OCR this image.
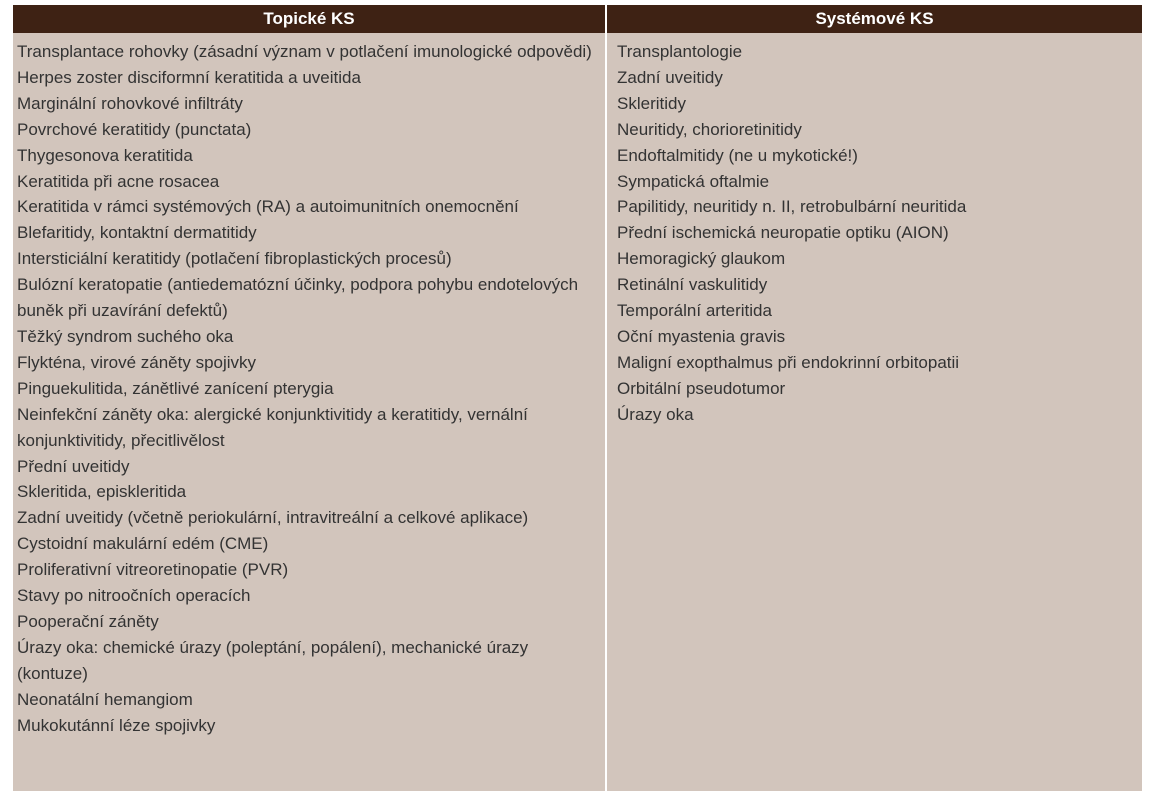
Topické KS	Systémové KS
Transplantace rohovky (zásadní význam v potlačení imunologické odpovědi)
Herpes zoster disciformní keratitida a uveitida
Marginální rohovkové infiltráty
Povrchové keratitidy (punctata)
Thygesonova keratitida
Keratitida při acne rosacea
Keratitida v rámci systémových (RA) a autoimunitních onemocnění
Blefaritidy, kontaktní dermatitidy
Intersticiální keratitidy (potlačení fibroplastických procesů)
Bulózní keratopatie (antiedematózní účinky, podpora pohybu endotelových buněk při uzavírání defektů)
Těžký syndrom suchého oka
Flykténa, virové záněty spojivky
Pinguekulitida, zánětlivé zanícení pterygia
Neinfekční záněty oka: alergické konjunktivitidy a keratitidy, vernální konjunktivitidy, přecitlivělost
Přední uveitidy
Skleritida, episkleritida
Zadní uveitidy (včetně periokulární, intravitreální a celkové aplikace)
Cystoidní makulární edém (CME)
Proliferativní vitreoretinopatie (PVR)
Stavy po nitroočních operacích
Pooperační záněty
Úrazy oka: chemické úrazy (poleptání, popálení), mechanické úrazy (kontuze)
Neonatální hemangiom
Mukokutánní léze spojivky
Transplantologie
Zadní uveitidy
Skleritidy
Neuritidy, chorioretinitidy
Endoftalmitidy (ne u mykotické!)
Sympatická oftalmie
Papilitidy, neuritidy n. II, retrobulbární neuritida
Přední ischemická neuropatie optiku (AION)
Hemoragický glaukom
Retinální vaskulitidy
Temporální arteritida
Oční myastenia gravis
Maligní exopthalmus při endokrinní orbitopatii
Orbitální pseudotumor
Úrazy oka
